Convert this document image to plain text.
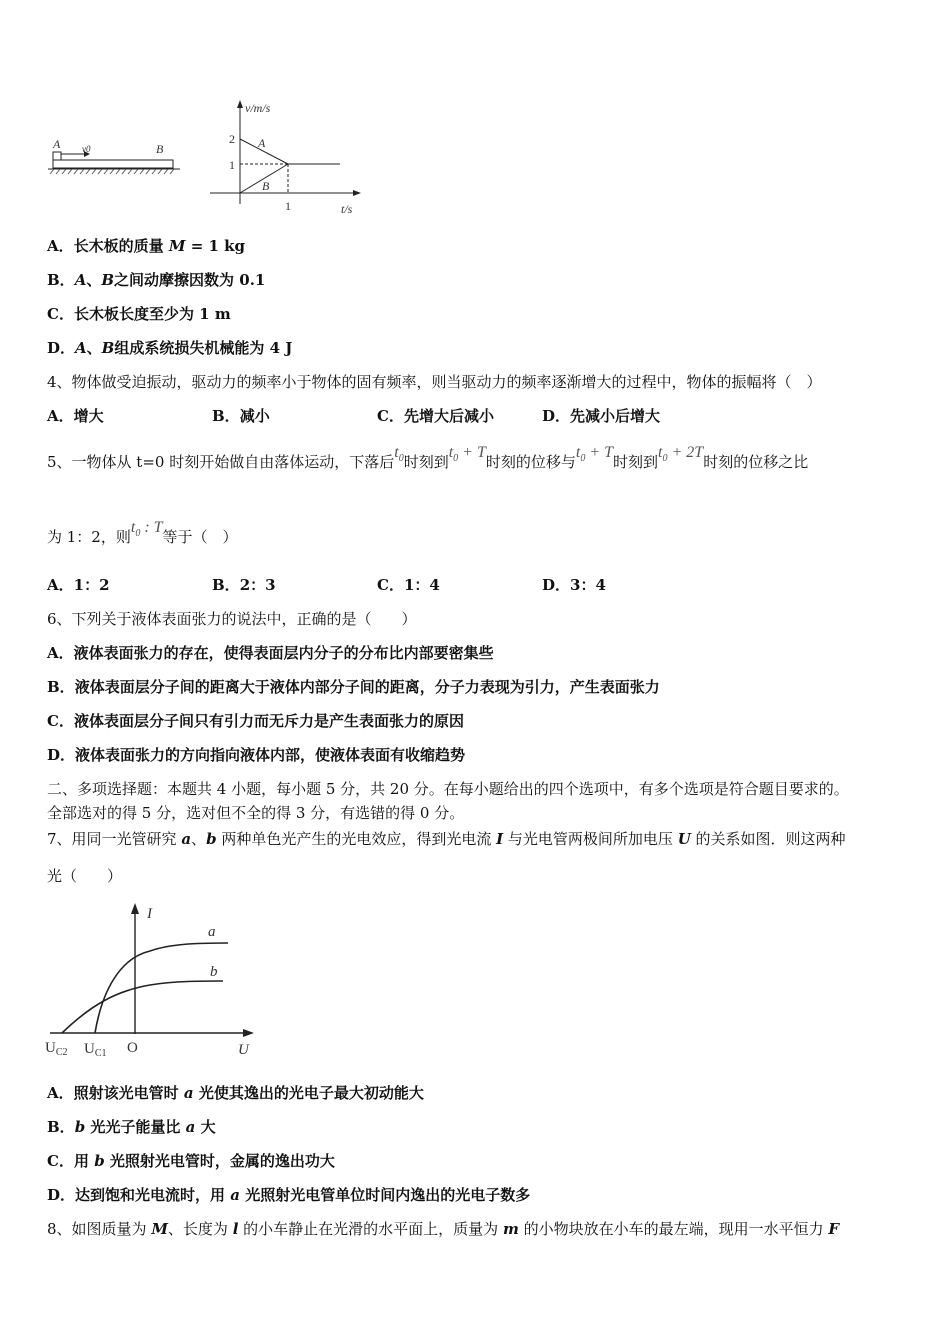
A v0	B
v/m/s
t/s
2
1
1
A
B
A．长木板的质量 M = 1 kg
B．A、B之间动摩擦因数为 0.1
C．长木板长度至少为 1 m
D．A、B组成系统损失机械能为 4 J
4、物体做受迫振动，驱动力的频率小于物体的固有频率，则当驱动力的频率逐渐增大的过程中，物体的振幅将（　）
A．增大	B．减小	C．先增大后减小	D．先减小后增大
5、一物体从 t=0 时刻开始做自由落体运动，下落后$t_0$时刻到$t_0 + T$时刻的位移与$t_0 + T$时刻到$t_0 + 2T$时刻的位移之比
为 1：2，则$t_0$ : T等于（　）
A．1：2	B．2：3	C．1：4	D．3：4
6、下列关于液体表面张力的说法中，正确的是（　　）
A．液体表面张力的存在，使得表面层内分子的分布比内部要密集些
B．液体表面层分子间的距离大于液体内部分子间的距离，分子力表现为引力，产生表面张力
C．液体表面层分子间只有引力而无斥力是产生表面张力的原因
D．液体表面张力的方向指向液体内部，使液体表面有收缩趋势
二、多项选择题：本题共 4 小题，每小题 5 分，共 20 分。在每小题给出的四个选项中，有多个选项是符合题目要求的。
全部选对的得 5 分，选对但不全的得 3 分，有选错的得 0 分。
7、用同一光管研究 a、b 两种单色光产生的光电效应，得到光电流 I 与光电管两极间所加电压 U 的关系如图．则这两种
光（　　）
I
U
a
b
$U_{C2}$ $U_{C1}$ O
A．照射该光电管时 a 光使其逸出的光电子最大初动能大
B．b 光光子能量比 a 大
C．用 b 光照射光电管时，金属的逸出功大
D．达到饱和光电流时，用 a 光照射光电管单位时间内逸出的光电子数多
8、如图质量为 M、长度为 l 的小车静止在光滑的水平面上，质量为 m 的小物块放在小车的最左端，现用一水平恒力 F
